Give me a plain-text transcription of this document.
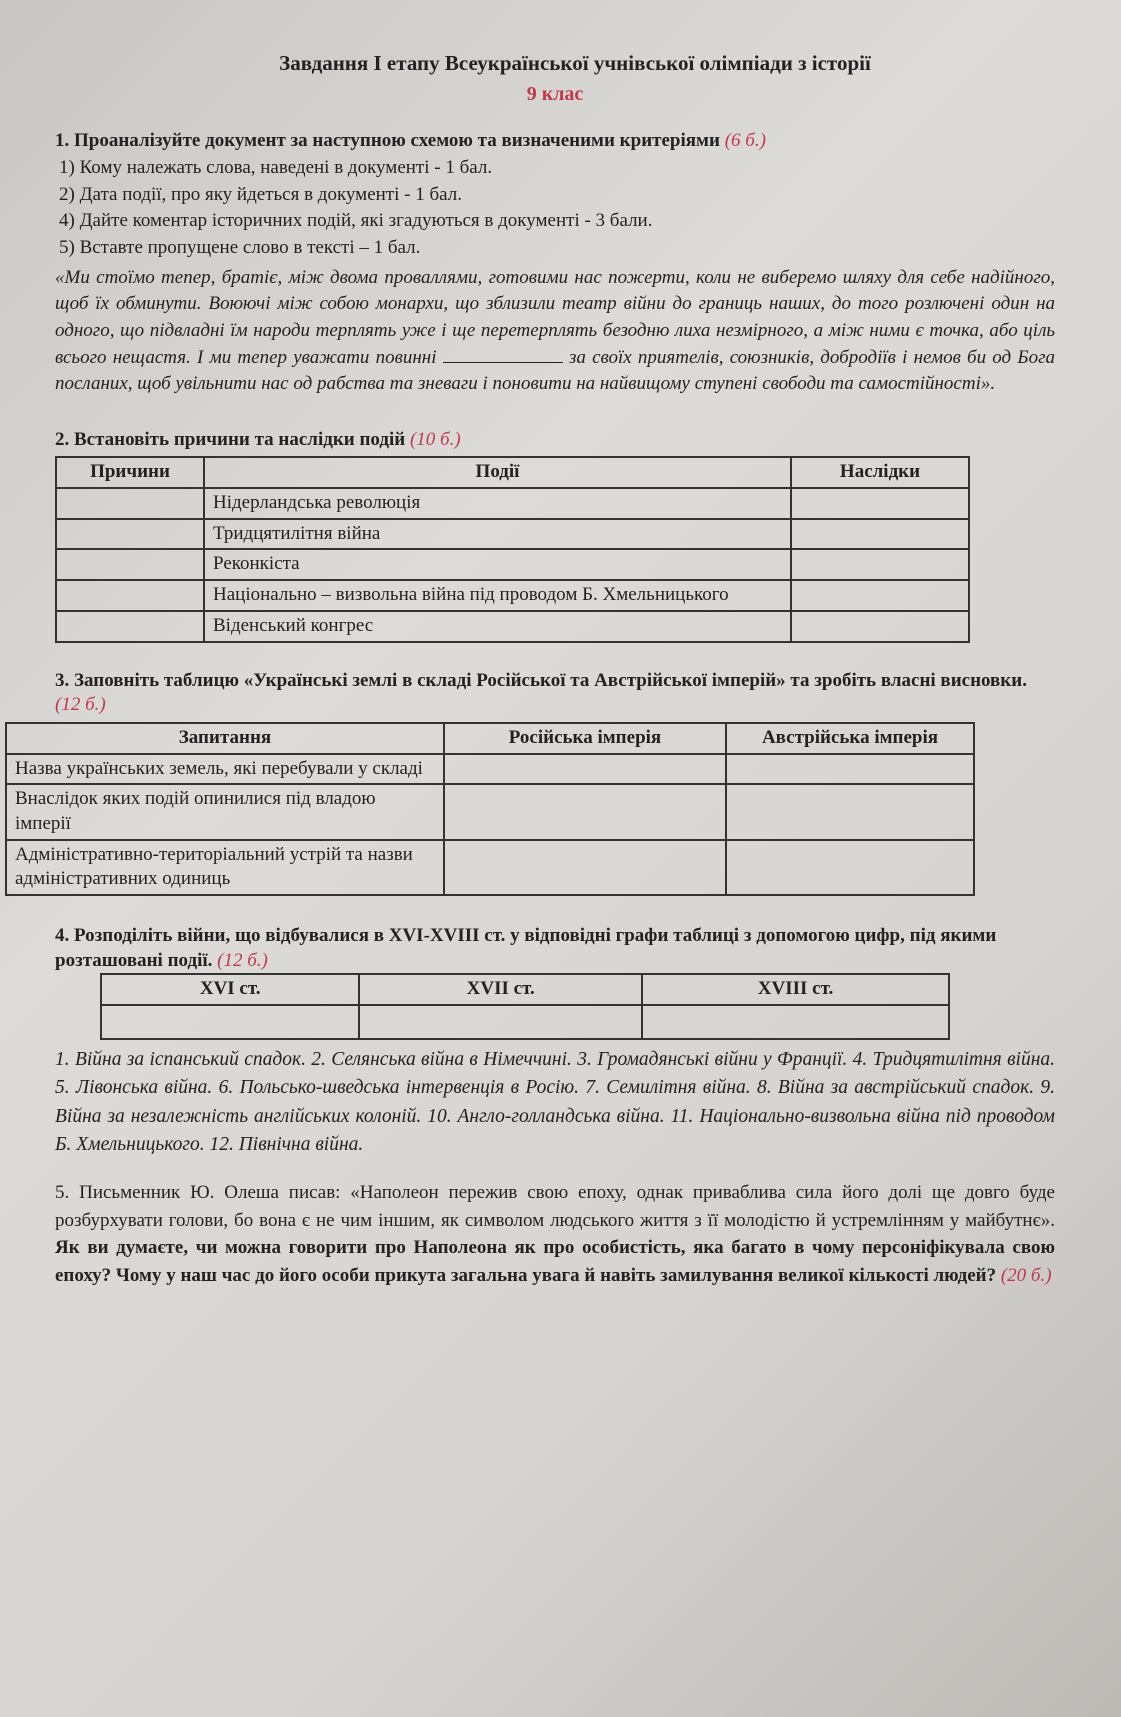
Завдання І етапу Всеукраїнської учнівської олімпіади з історії
9 клас
1. Проаналізуйте документ за наступною схемою та визначеними критеріями (6 б.)
1) Кому належать слова, наведені в документі - 1 бал.
2) Дата події, про яку йдеться в документі - 1 бал.
4) Дайте коментар історичних подій, які згадуються в документі - 3 бали.
5) Вставте пропущене слово в тексті – 1 бал.
«Ми стоїмо тепер, братіє, між двома проваллями, готовими нас пожерти, коли не виберемо шляху для себе надійного, щоб їх обминути. Воюючі між собою монархи, що зблизили театр війни до границь наших, до того розлючені один на одного, що підвладні їм народи терплять уже і ще перетерплять безодню лиха незмірного, а між ними є точка, або ціль всього нещастя. І ми тепер уважати повинні	за своїх приятелів, союзників, добродіїв і немов би од Бога посланих, щоб увільнити нас од рабства та зневаги і поновити на найвищому ступені свободи та самостійності».
2. Встановіть причини та наслідки подій (10 б.)
Причини	Події	Наслідки
	Нідерландська революція	
	Тридцятилітня війна	
	Реконкіста	
	Національно – визвольна війна під проводом Б. Хмельницького	
	Віденський конгрес	
3. Заповніть таблицю «Українські землі в складі Російської та Австрійської імперій» та зробіть власні висновки. (12 б.)
Запитання	Російська імперія	Австрійська імперія
Назва українських земель, які перебували у складі		
Внаслідок яких подій опинилися під владою імперії		
Адміністративно-територіальний устрій та назви адміністративних одиниць		
4. Розподіліть війни, що відбувалися в XVI-XVIII ст. у відповідні графи таблиці з допомогою цифр, під якими розташовані події. (12 б.)
XVI ст.	XVII ст.	XVIII ст.

1. Війна за іспанський спадок. 2. Селянська війна в Німеччині. 3. Громадянські війни у Франції. 4. Тридцятилітня війна. 5. Лівонська війна. 6. Польсько-шведська інтервенція в Росію. 7. Семилітня війна. 8. Війна за австрійський спадок. 9. Війна за незалежність англійських колоній. 10. Англо-голландська війна. 11. Національно-визвольна війна під проводом Б. Хмельницького. 12. Північна війна.
5. Письменник Ю. Олеша писав: «Наполеон пережив свою епоху, однак приваблива сила його долі ще довго буде розбурхувати голови, бо вона є не чим іншим, як символом людського життя з її молодістю й устремлінням у майбутнє». Як ви думаєте, чи можна говорити про Наполеона як про особистість, яка багато в чому персоніфікувала свою епоху? Чому у наш час до його особи прикута загальна увага й навіть замилування великої кількості людей? (20 б.)
